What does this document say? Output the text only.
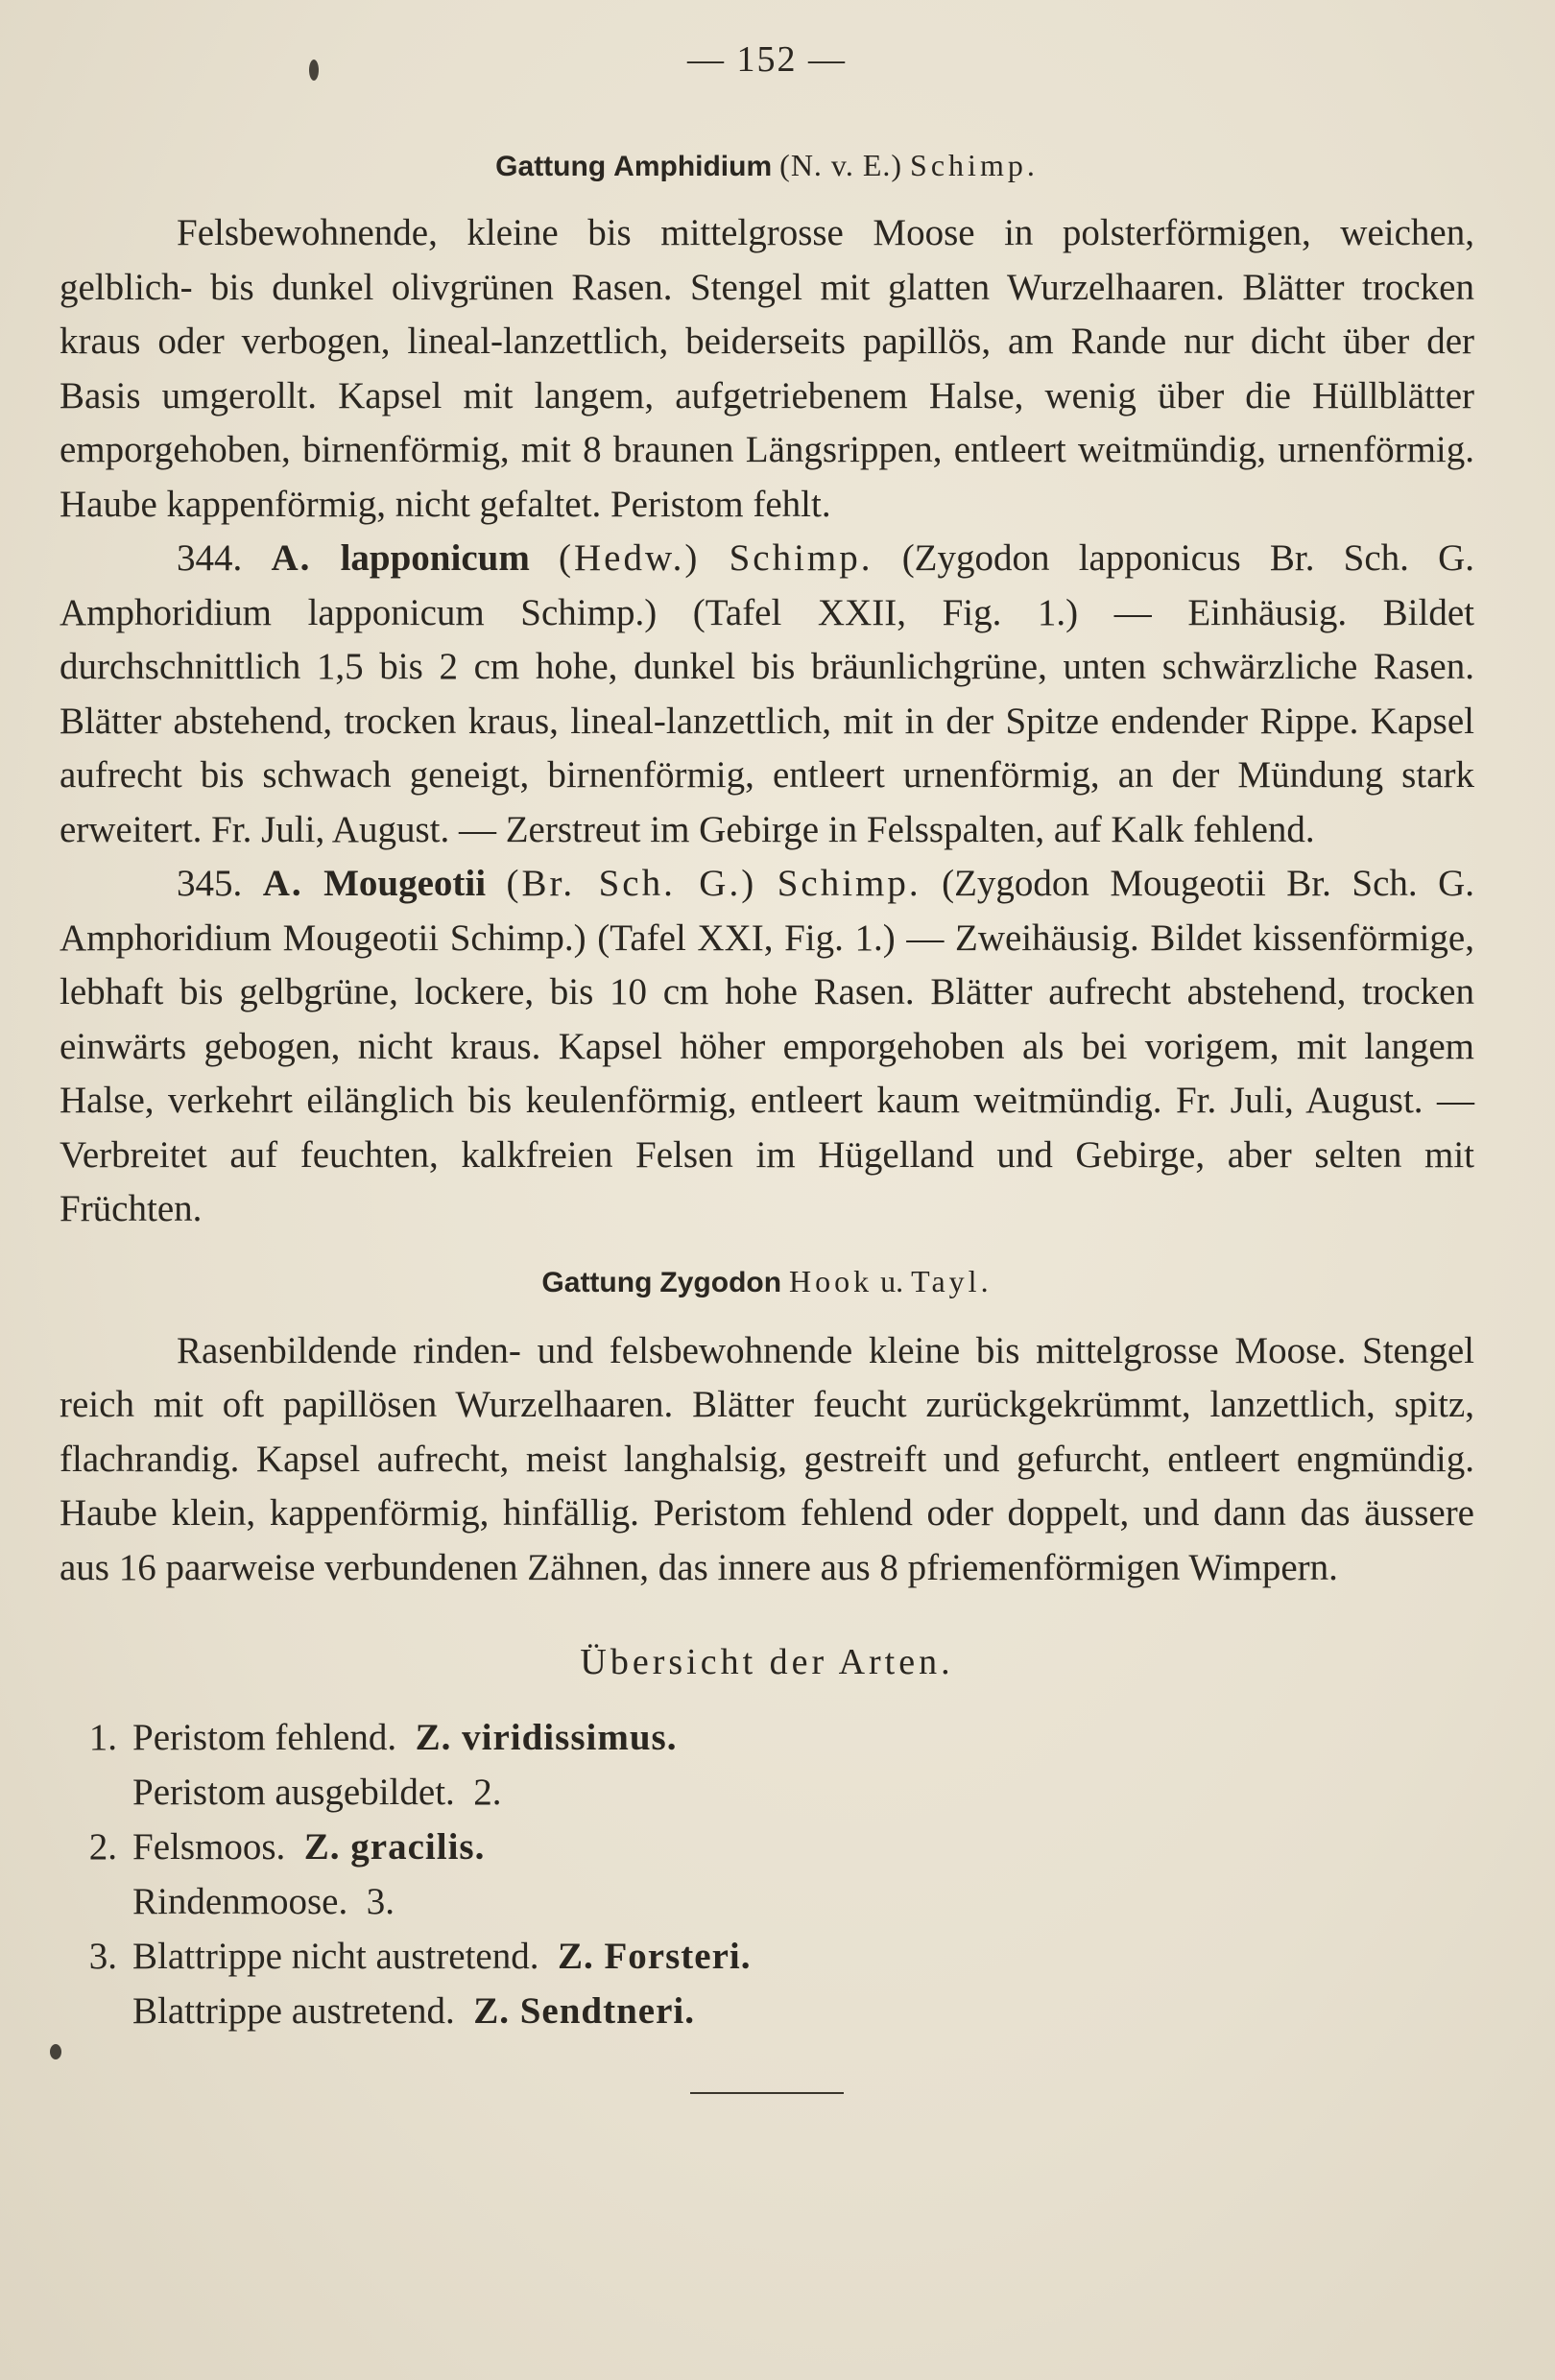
— 152 —
Gattung Amphidium (N. v. E.) Schimp.

Felsbewohnende, kleine bis mittelgrosse Moose in polsterförmigen, weichen, gelblich- bis dunkel olivgrünen Rasen. Stengel mit glatten Wurzelhaaren. Blätter trocken kraus oder verbogen, lineal-lanzettlich, beiderseits papillös, am Rande nur dicht über der Basis umgerollt. Kapsel mit langem, aufgetriebenem Halse, wenig über die Hüllblätter emporgehoben, birnenförmig, mit 8 braunen Längsrippen, entleert weitmündig, urnenförmig. Haube kappenförmig, nicht gefaltet. Peristom fehlt.

344. A. lapponicum (Hedw.) Schimp. (Zygodon lapponicus Br. Sch. G. Amphoridium lapponicum Schimp.) (Tafel XXII, Fig. 1.) — Einhäusig. Bildet durchschnittlich 1,5 bis 2 cm hohe, dunkel bis bräunlichgrüne, unten schwärzliche Rasen. Blätter abstehend, trocken kraus, lineal-lanzettlich, mit in der Spitze endender Rippe. Kapsel aufrecht bis schwach geneigt, birnenförmig, entleert urnenförmig, an der Mündung stark erweitert. Fr. Juli, August. — Zerstreut im Gebirge in Felsspalten, auf Kalk fehlend.

345. A. Mougeotii (Br. Sch. G.) Schimp. (Zygodon Mougeotii Br. Sch. G. Amphoridium Mougeotii Schimp.) (Tafel XXI, Fig. 1.) — Zweihäusig. Bildet kissenförmige, lebhaft bis gelbgrüne, lockere, bis 10 cm hohe Rasen. Blätter aufrecht abstehend, trocken einwärts gebogen, nicht kraus. Kapsel höher emporgehoben als bei vorigem, mit langem Halse, verkehrt eilänglich bis keulenförmig, entleert kaum weitmündig. Fr. Juli, August. — Verbreitet auf feuchten, kalkfreien Felsen im Hügelland und Gebirge, aber selten mit Früchten.

Gattung Zygodon Hook u. Tayl.

Rasenbildende rinden- und felsbewohnende kleine bis mittelgrosse Moose. Stengel reich mit oft papillösen Wurzelhaaren. Blätter feucht zurückgekrümmt, lanzettlich, spitz, flachrandig. Kapsel aufrecht, meist langhalsig, gestreift und gefurcht, entleert engmündig. Haube klein, kappenförmig, hinfällig. Peristom fehlend oder doppelt, und dann das äussere aus 16 paarweise verbundenen Zähnen, das innere aus 8 pfriemenförmigen Wimpern.

Übersicht der Arten.
1. Peristom fehlend.
Z. viridissimus.
Peristom ausgebildet.
2.
2. Felsmoos.
Z. gracilis.
Rindenmoose.
3.
3. Blattrippe nicht austretend.
Z. Forsteri.
Blattrippe austretend.
Z. Sendtneri.
